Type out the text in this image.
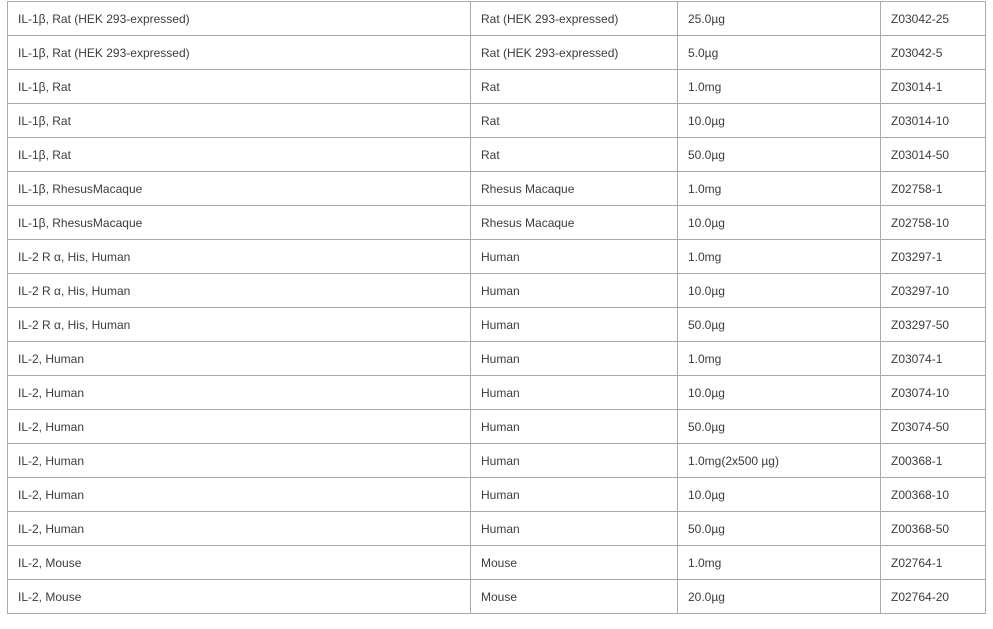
IL-1β, Rat (HEK 293-expressed)	Rat (HEK 293-expressed)	25.0µg	Z03042-25
IL-1β, Rat (HEK 293-expressed)	Rat (HEK 293-expressed)	5.0µg	Z03042-5
IL-1β, Rat	Rat	1.0mg	Z03014-1
IL-1β, Rat	Rat	10.0µg	Z03014-10
IL-1β, Rat	Rat	50.0µg	Z03014-50
IL-1β, RhesusMacaque	Rhesus Macaque	1.0mg	Z02758-1
IL-1β, RhesusMacaque	Rhesus Macaque	10.0µg	Z02758-10
IL-2 R α, His, Human	Human	1.0mg	Z03297-1
IL-2 R α, His, Human	Human	10.0µg	Z03297-10
IL-2 R α, His, Human	Human	50.0µg	Z03297-50
IL-2, Human	Human	1.0mg	Z03074-1
IL-2, Human	Human	10.0µg	Z03074-10
IL-2, Human	Human	50.0µg	Z03074-50
IL-2, Human	Human	1.0mg(2x500 µg)	Z00368-1
IL-2, Human	Human	10.0µg	Z00368-10
IL-2, Human	Human	50.0µg	Z00368-50
IL-2, Mouse	Mouse	1.0mg	Z02764-1
IL-2, Mouse	Mouse	20.0µg	Z02764-20
